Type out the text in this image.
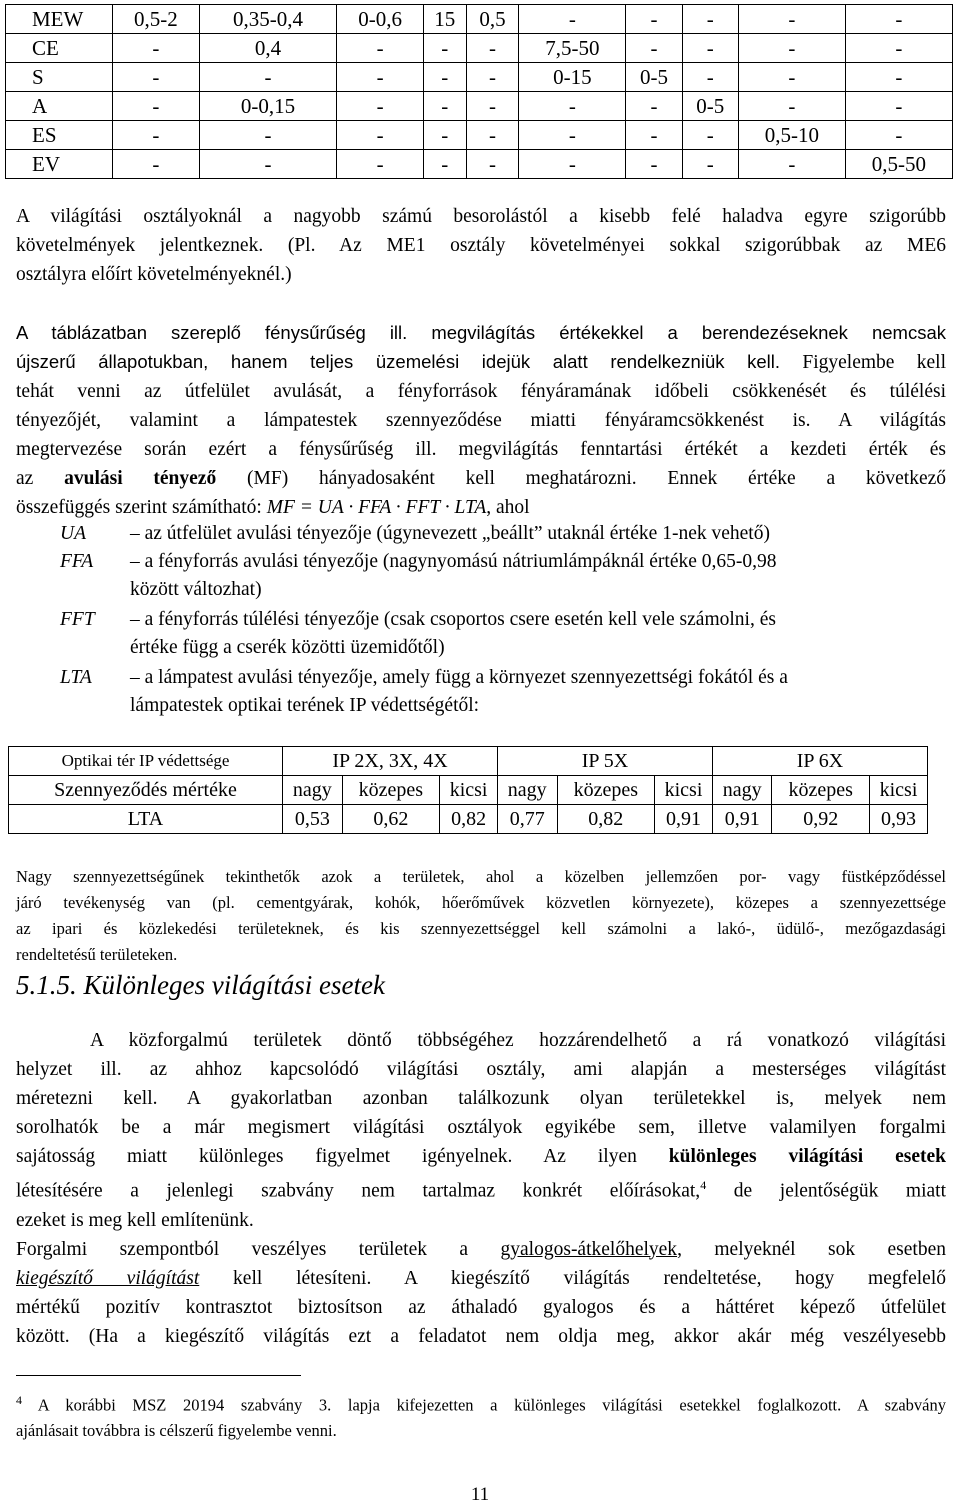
MEW	0,5-2	0,35-0,4	0-0,6	15	0,5	-	-	-	-	-
CE	-	0,4	-	-	-	7,5-50	-	-	-	-
S	-	-	-	-	-	0-15	0-5	-	-	-
A	-	0-0,15	-	-	-	-	-	0-5	-	-
ES	-	-	-	-	-	-	-	-	0,5-10	-
EV	-	-	-	-	-	-	-	-	-	0,5-50
A világítási osztályoknál a nagyobb számú besorolástól a kisebb felé haladva egyre szigorúbb
követelmények jelentkeznek. (Pl. Az ME1 osztály követelményei sokkal szigorúbbak az ME6
osztályra előírt követelményeknél.)
A táblázatban szereplő fénysűrűség ill. megvilágítás értékekkel a berendezéseknek nemcsak
újszerű állapotukban, hanem teljes üzemelési idejük alatt rendelkezniük kell. Figyelembe kell
tehát venni az útfelület avulását, a fényforrások fényáramának időbeli csökkenését és túlélési
tényezőjét, valamint a lámpatestek szennyeződése miatti fényáramcsökkenést is. A világítás
megtervezése során ezért a fénysűrűség ill. megvilágítás fenntartási értékét a kezdeti érték és
az avulási tényező (MF) hányadosaként kell meghatározni. Ennek értéke a következő
összefüggés szerint számítható: MF = UA · FFA · FFT · LTA, ahol
UA – az útfelület avulási tényezője (úgynevezett „beállt” utaknál értéke 1-nek vehető)
FFA – a fényforrás avulási tényezője (nagynyomású nátriumlámpáknál értéke 0,65-0,98
között változhat)
FFT – a fényforrás túlélési tényezője (csak csoportos csere esetén kell vele számolni, és
értéke függ a cserék közötti üzemidőtől)
LTA – a lámpatest avulási tényezője, amely függ a környezet szennyezettségi fokától és a
lámpatestek optikai terének IP védettségétől:
Optikai tér IP védettsége	IP 2X, 3X, 4X			IP 5X			IP 6X		
Szennyeződés mértéke	nagy	közepes	kicsi	nagy	közepes	kicsi	nagy	közepes	kicsi
LTA	0,53	0,62	0,82	0,77	0,82	0,91	0,91	0,92	0,93
Nagy szennyezettségűnek tekinthetők azok a területek, ahol a közelben jellemzően por- vagy füstképződéssel
járó tevékenység van (pl. cementgyárak, kohók, hőerőművek közvetlen környezete), közepes a szennyezettsége
az ipari és közlekedési területeknek, és kis szennyezettséggel kell számolni a lakó-, üdülő-, mezőgazdasági
rendeltetésű területeken.
5.1.5. Különleges világítási esetek
A közforgalmú területek döntő többségéhez hozzárendelhető a rá vonatkozó világítási
helyzet ill. az ahhoz kapcsolódó világítási osztály, ami alapján a mesterséges világítást
méretezni kell. A gyakorlatban azonban találkozunk olyan területekkel is, melyek nem
sorolhatók be a már megismert világítási osztályok egyikébe sem, illetve valamilyen forgalmi
sajátosság miatt különleges figyelmet igényelnek. Az ilyen különleges világítási esetek
létesítésére a jelenlegi szabvány nem tartalmaz konkrét előírásokat,$^4$ de jelentőségük miatt
ezeket is meg kell említenünk.
Forgalmi szempontból veszélyes területek a gyalogos-átkelőhelyek, melyeknél sok esetben
kiegészítő világítást kell létesíteni. A kiegészítő világítás rendeltetése, hogy megfelelő
mértékű pozitív kontrasztot biztosítson az áthaladó gyalogos és a háttéret képező útfelület
között. (Ha a kiegészítő világítás ezt a feladatot nem oldja meg, akkor akár még veszélyesebb
$^4$ A korábbi MSZ 20194 szabvány 3. lapja kifejezetten a különleges világítási esetekkel foglalkozott. A szabvány
ajánlásait továbbra is célszerű figyelembe venni.
11
